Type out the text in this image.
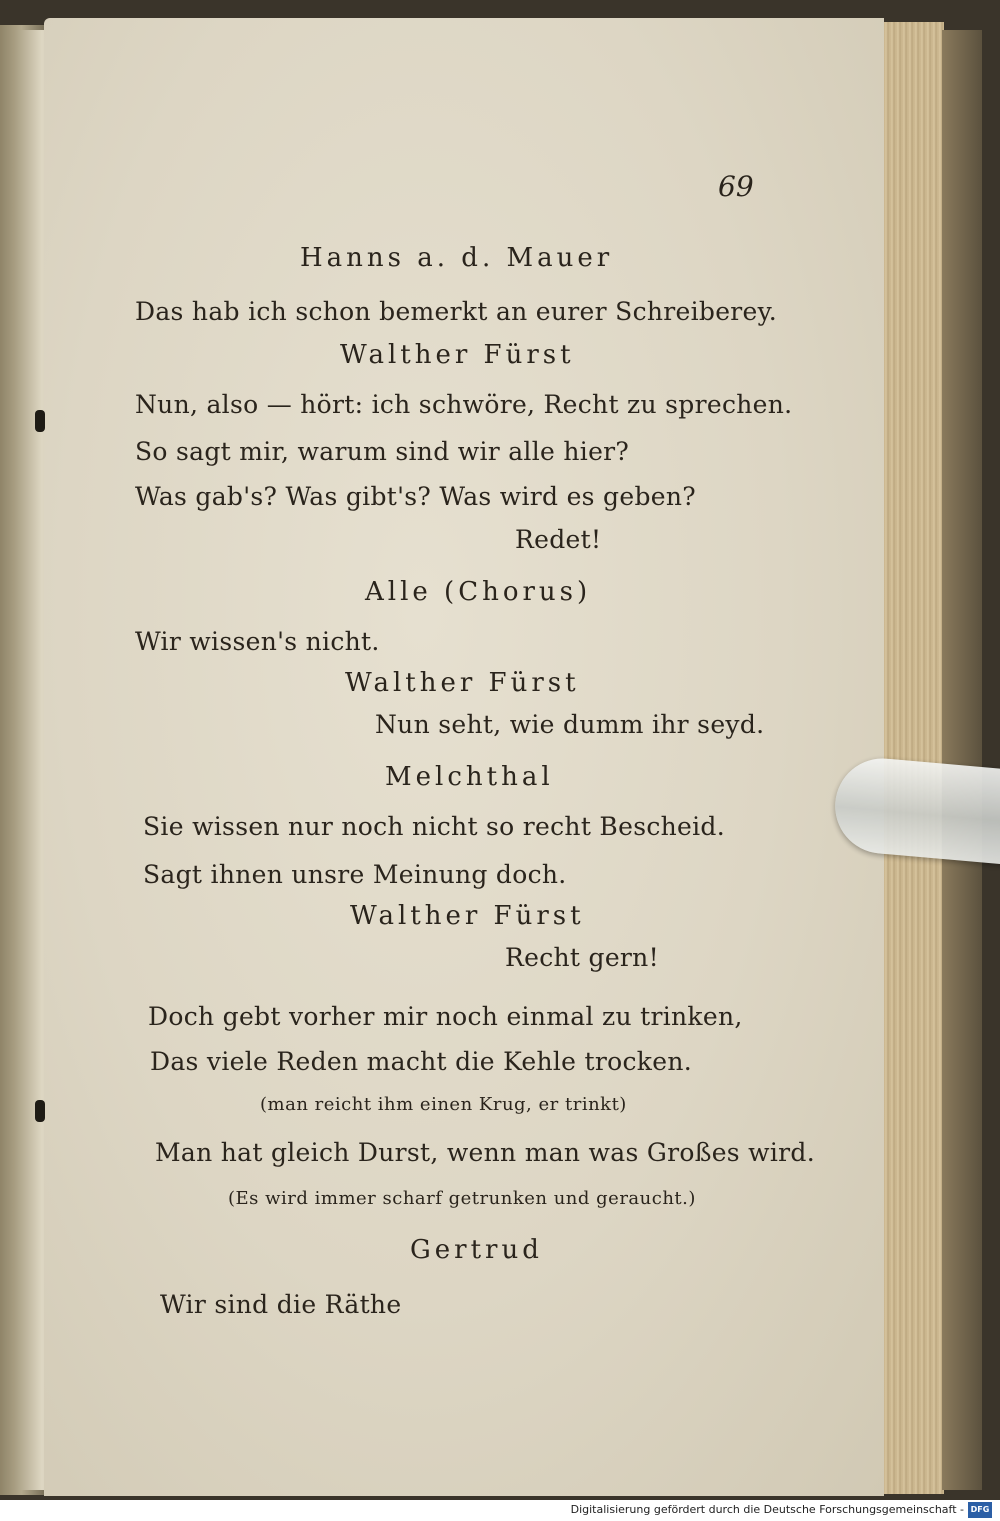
69

Hanns a. d. Mauer

Das hab ich schon bemerkt an eurer Schreiberey.

Walther Fürst

Nun, also — hört: ich schwöre, Recht zu sprechen.

So sagt mir, warum sind wir alle hier?

Was gab's? Was gibt's? Was wird es geben?

Redet!

Alle (Chorus)

Wir wissen's nicht.

Walther Fürst

Nun seht, wie dumm ihr seyd.

Melchthal

Sie wissen nur noch nicht so recht Bescheid.

Sagt ihnen unsre Meinung doch.

Walther Fürst

Recht gern!

Doch gebt vorher mir noch einmal zu trinken,

Das viele Reden macht die Kehle trocken.

(man reicht ihm einen Krug, er trinkt)

Man hat gleich Durst, wenn man was Großes wird.

(Es wird immer scharf getrunken und geraucht.)

Gertrud

Wir sind die Räthe

Digitalisierung gefördert durch die Deutsche Forschungsgemeinschaft - DFG
